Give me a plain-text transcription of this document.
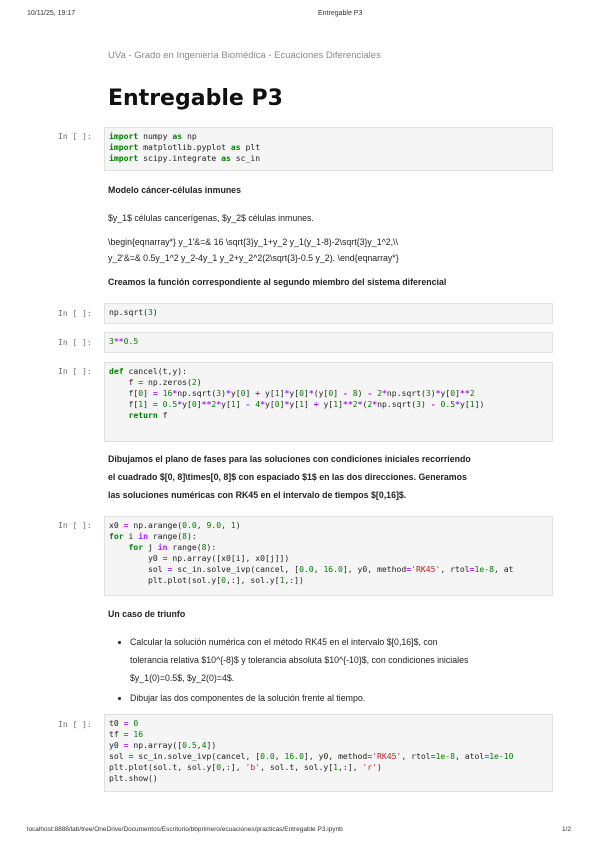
10/11/25, 19:17	Entregable P3
UVa - Grado en Ingeniería Biomédica - Ecuaciones Diferenciales
Entregable P3
In [ ]: import numpy as np
import matplotlib.pyplot as plt
import scipy.integrate as sc_in
Modelo cáncer-células inmunes
$y_1$ células cancerígenas, $y_2$ células inmunes.
\begin{eqnarray*} y_1'&=& 16 \sqrt{3}y_1+y_2 y_1(y_1-8)-2\sqrt{3}y_1^2,\\
y_2'&=& 0.5y_1^2 y_2-4y_1 y_2+y_2^2(2\sqrt{3}-0.5 y_2). \end{eqnarray*}
Creamos la función correspondiente al segundo miembro del sistema diferencial
In [ ]: np.sqrt(3)
In [ ]: 3**0.5
In [ ]: def cancel(t,y):
f = np.zeros(2)
f[0] = 16*np.sqrt(3)*y[0] + y[1]*y[0]*(y[0] - 8) - 2*np.sqrt(3)*y[0]**2
f[1] = 0.5*y[0]**2*y[1] - 4*y[0]*y[1] + y[1]**2*(2*np.sqrt(3) - 0.5*y[1])
return f
Dibujamos el plano de fases para las soluciones con condiciones iniciales recorriendo
el cuadrado $[0, 8]\times[0, 8]$ con espaciado $1$ en las dos direcciones. Generamos
las soluciones numéricas con RK45 en el intervalo de tiempos $[0,16]$.
In [ ]: x0 = np.arange(0.0, 9.0, 1)
for i in range(8):
for j in range(8):
y0 = np.array([x0[i], x0[j]])
sol = sc_in.solve_ivp(cancel, [0.0, 16.0], y0, method='RK45', rtol=1e-8, at
plt.plot(sol.y[0,:], sol.y[1,:])
Un caso de triunfo
• Calcular la solución numérica con el método RK45 en el intervalo $[0,16]$, con
tolerancia relativa $10^{-8}$ y tolerancia absoluta $10^{-10}$, con condiciones iniciales
$y_1(0)=0.5$, $y_2(0)=4$.
• Dibujar las dos componentes de la solución frente al tiempo.
In [ ]: t0 = 0
tf = 16
y0 = np.array([0.5,4])
sol = sc_in.solve_ivp(cancel, [0.0, 16.0], y0, method='RK45', rtol=1e-8, atol=1e-10
plt.plot(sol.t, sol.y[0,:], 'b', sol.t, sol.y[1,:], 'r')
plt.show()
localhost:8888/lab/tree/OneDrive/Documentos/Escritorio/bbprimero/ecuaciones/practicas/Entregable P3.ipynb	1/2
